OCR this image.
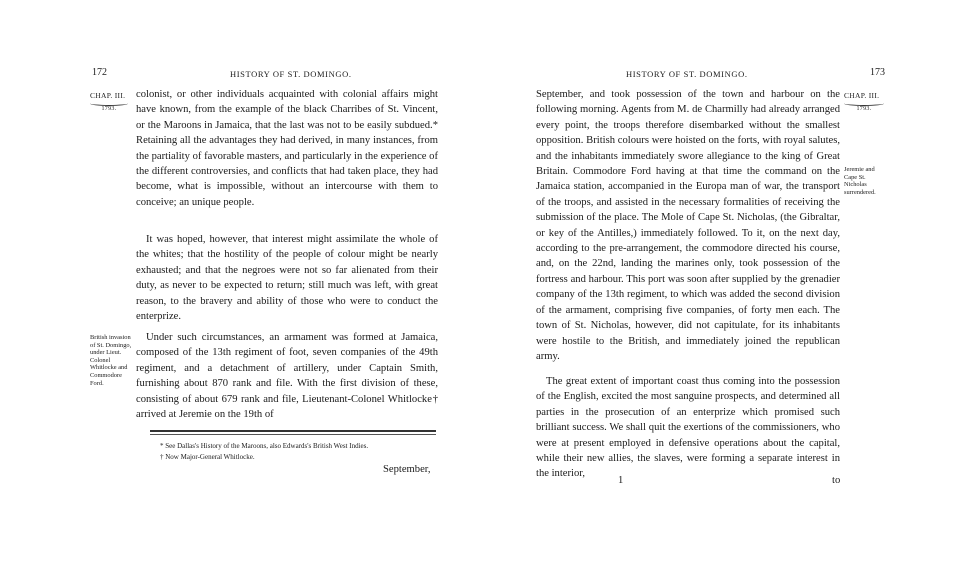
172	HISTORY OF ST. DOMINGO.
CHAP. III.
1793.

colonist, or other individuals acquainted with colonial affairs might have known, from the example of the black Charribes of St. Vincent, or the Maroons in Jamaica, that the last was not to be easily subdued.* Retaining all the advantages they had derived, in many instances, from the partiality of favorable masters, and particularly in the experience of the different controversies, and conflicts that had taken place, they had become, what is impossible, without an intercourse with them to conceive; an unique people.

It was hoped, however, that interest might assimilate the whole of the whites; that the hostility of the people of colour might be nearly exhausted; and that the negroes were not so far alienated from their duty, as never to be expected to return; still much was left, with great reason, to the bravery and ability of those who were to conduct the enterprize.

British invasion of St. Domingo, under Lieut. Colonel Whitlocke and Commodore Ford.

Under such circumstances, an armament was formed at Jamaica, composed of the 13th regiment of foot, seven companies of the 49th regiment, and a detachment of artillery, under Captain Smith, furnishing about 870 rank and file. With the first division of these, consisting of about 679 rank and file, Lieutenant-Colonel Whitlocke† arrived at Jeremie on the 19th of

* See Dallas's History of the Maroons, also Edwards's British West Indies.
† Now Major-General Whitlocke.
September,
HISTORY OF ST. DOMINGO.	173
CHAP. III.
1793.
Jeremie and Cape St. Nicholas surrendered.

September, and took possession of the town and harbour on the following morning. Agents from M. de Charmilly had already arranged every point, the troops therefore disembarked without the smallest opposition. British colours were hoisted on the forts, with royal salutes, and the inhabitants immediately swore allegiance to the king of Great Britain. Commodore Ford having at that time the command on the Jamaica station, accompanied in the Europa man of war, the transport of the troops, and assisted in the necessary formalities of receiving the submission of the place. The Mole of Cape St. Nicholas, (the Gibraltar, or key of the Antilles,) immediately followed. To it, on the next day, according to the pre-arrangement, the commodore directed his course, and, on the 22nd, landing the marines only, took possession of the fortress and harbour. This port was soon after supplied by the grenadier company of the 13th regiment, to which was added the second division of the armament, comprising five companies, of forty men each. The town of St. Nicholas, however, did not capitulate, for its inhabitants were hostile to the British, and immediately joined the republican army.

The great extent of important coast thus coming into the possession of the English, excited the most sanguine prospects, and determined all parties in the prosecution of an enterprize which promised such brilliant success. We shall quit the exertions of the commissioners, who were at present employed in defensive operations about the capital, while their new allies, the slaves, were forming a separate interest in the interior,

1	to
